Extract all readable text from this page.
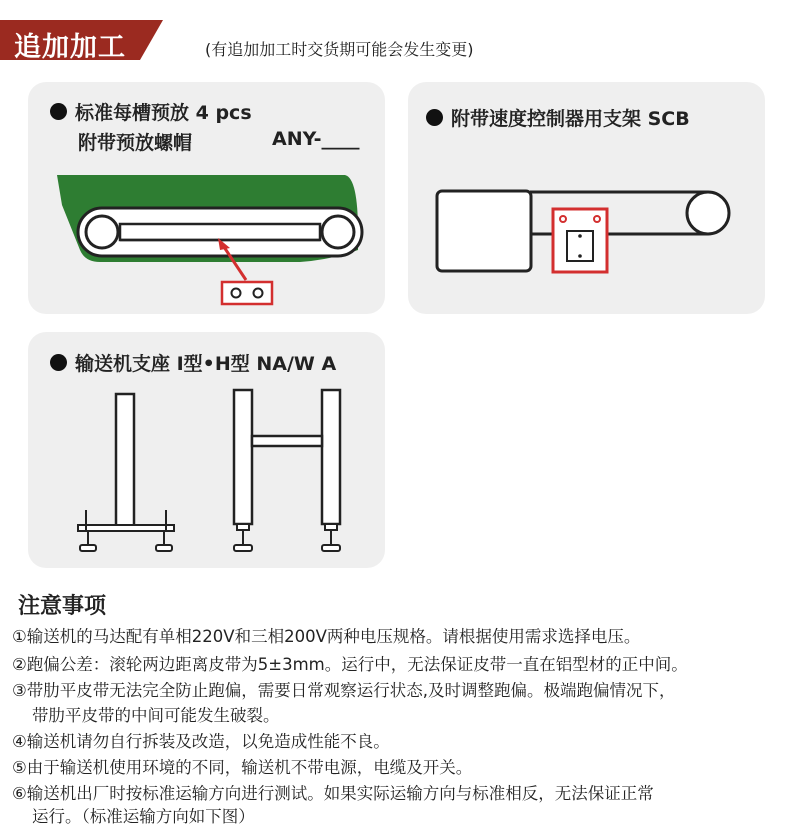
追加加工	(有追加加工时交货期可能会发生变更)
标准每槽预放 4 pcs
附带预放螺帽	ANY-____
附带速度控制器用支架 SCB
输送机支座 I型•H型 NA/W A
注意事项
①输送机的马达配有单相220V和三相200V两种电压规格。请根据使用需求选择电压。
②跑偏公差：滚轮两边距离皮带为5±3mm。运行中，无法保证皮带一直在铝型材的正中间。
③带肋平皮带无法完全防止跑偏，需要日常观察运行状态,及时调整跑偏。极端跑偏情况下，
带肋平皮带的中间可能发生破裂。
④输送机请勿自行拆装及改造，以免造成性能不良。
⑤由于输送机使用环境的不同，输送机不带电源，电缆及开关。
⑥输送机出厂时按标准运输方向进行测试。如果实际运输方向与标准相反，无法保证正常
运行。（标准运输方向如下图）
